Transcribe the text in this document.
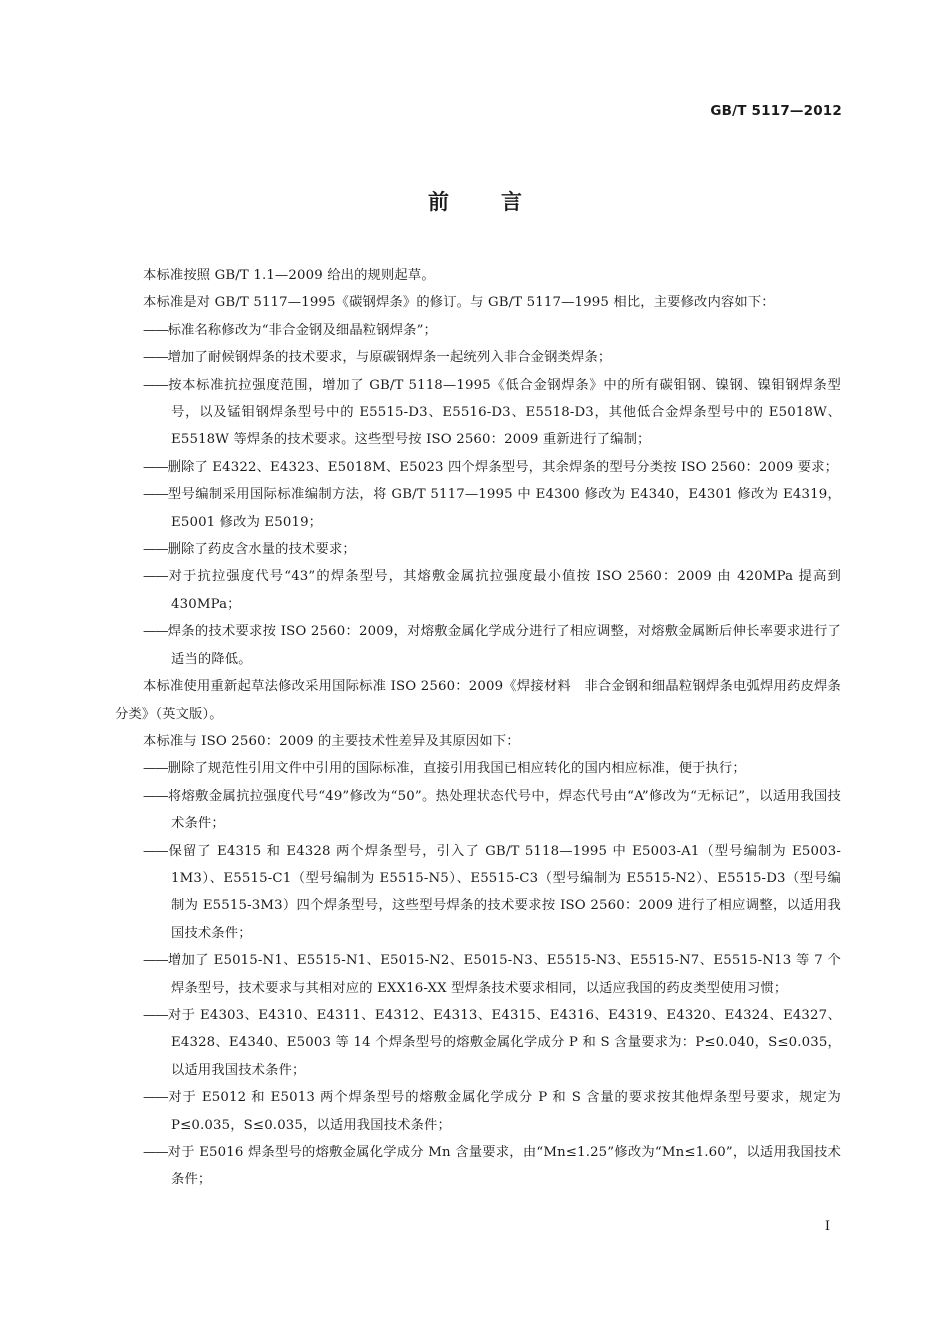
GB/T 5117—2012
前言

本标准按照 GB/T 1.1—2009 给出的规则起草。

本标准是对 GB/T 5117—1995《碳钢焊条》的修订。与 GB/T 5117—1995 相比，主要修改内容如下：

——标准名称修改为“非合金钢及细晶粒钢焊条”；

——增加了耐候钢焊条的技术要求，与原碳钢焊条一起统列入非合金钢类焊条；

——按本标准抗拉强度范围，增加了 GB/T 5118—1995《低合金钢焊条》中的所有碳钼钢、镍钢、镍钼钢焊条型号，以及锰钼钢焊条型号中的 E5515-D3、E5516-D3、E5518-D3，其他低合金焊条型号中的 E5018W、E5518W 等焊条的技术要求。这些型号按 ISO 2560：2009 重新进行了编制；

——删除了 E4322、E4323、E5018M、E5023 四个焊条型号，其余焊条的型号分类按 ISO 2560：2009 要求；

——型号编制采用国际标准编制方法，将 GB/T 5117—1995 中 E4300 修改为 E4340，E4301 修改为 E4319，E5001 修改为 E5019；

——删除了药皮含水量的技术要求；

——对于抗拉强度代号“43”的焊条型号，其熔敷金属抗拉强度最小值按 ISO 2560：2009 由 420MPa 提高到 430MPa；

——焊条的技术要求按 ISO 2560：2009，对熔敷金属化学成分进行了相应调整，对熔敷金属断后伸长率要求进行了适当的降低。

本标准使用重新起草法修改采用国际标准 ISO 2560：2009《焊接材料　非合金钢和细晶粒钢焊条电弧焊用药皮焊条　分类》（英文版）。

本标准与 ISO 2560：2009 的主要技术性差异及其原因如下：

——删除了规范性引用文件中引用的国际标准，直接引用我国已相应转化的国内相应标准，便于执行；

——将熔敷金属抗拉强度代号“49”修改为“50”。热处理状态代号中，焊态代号由“A”修改为“无标记”，以适用我国技术条件；

——保留了 E4315 和 E4328 两个焊条型号，引入了 GB/T 5118—1995 中 E5003-A1（型号编制为 E5003-1M3）、E5515-C1（型号编制为 E5515-N5）、E5515-C3（型号编制为 E5515-N2）、E5515-D3（型号编制为 E5515-3M3）四个焊条型号，这些型号焊条的技术要求按 ISO 2560：2009 进行了相应调整，以适用我国技术条件；

——增加了 E5015-N1、E5515-N1、E5015-N2、E5015-N3、E5515-N3、E5515-N7、E5515-N13 等 7 个焊条型号，技术要求与其相对应的 EXX16-XX 型焊条技术要求相同，以适应我国的药皮类型使用习惯；

——对于 E4303、E4310、E4311、E4312、E4313、E4315、E4316、E4319、E4320、E4324、E4327、E4328、E4340、E5003 等 14 个焊条型号的熔敷金属化学成分 P 和 S 含量要求为：P≤0.040，S≤0.035，以适用我国技术条件；

——对于 E5012 和 E5013 两个焊条型号的熔敷金属化学成分 P 和 S 含量的要求按其他焊条型号要求，规定为 P≤0.035，S≤0.035，以适用我国技术条件；

——对于 E5016 焊条型号的熔敷金属化学成分 Mn 含量要求，由“Mn≤1.25”修改为“Mn≤1.60”，以适用我国技术条件；

I
